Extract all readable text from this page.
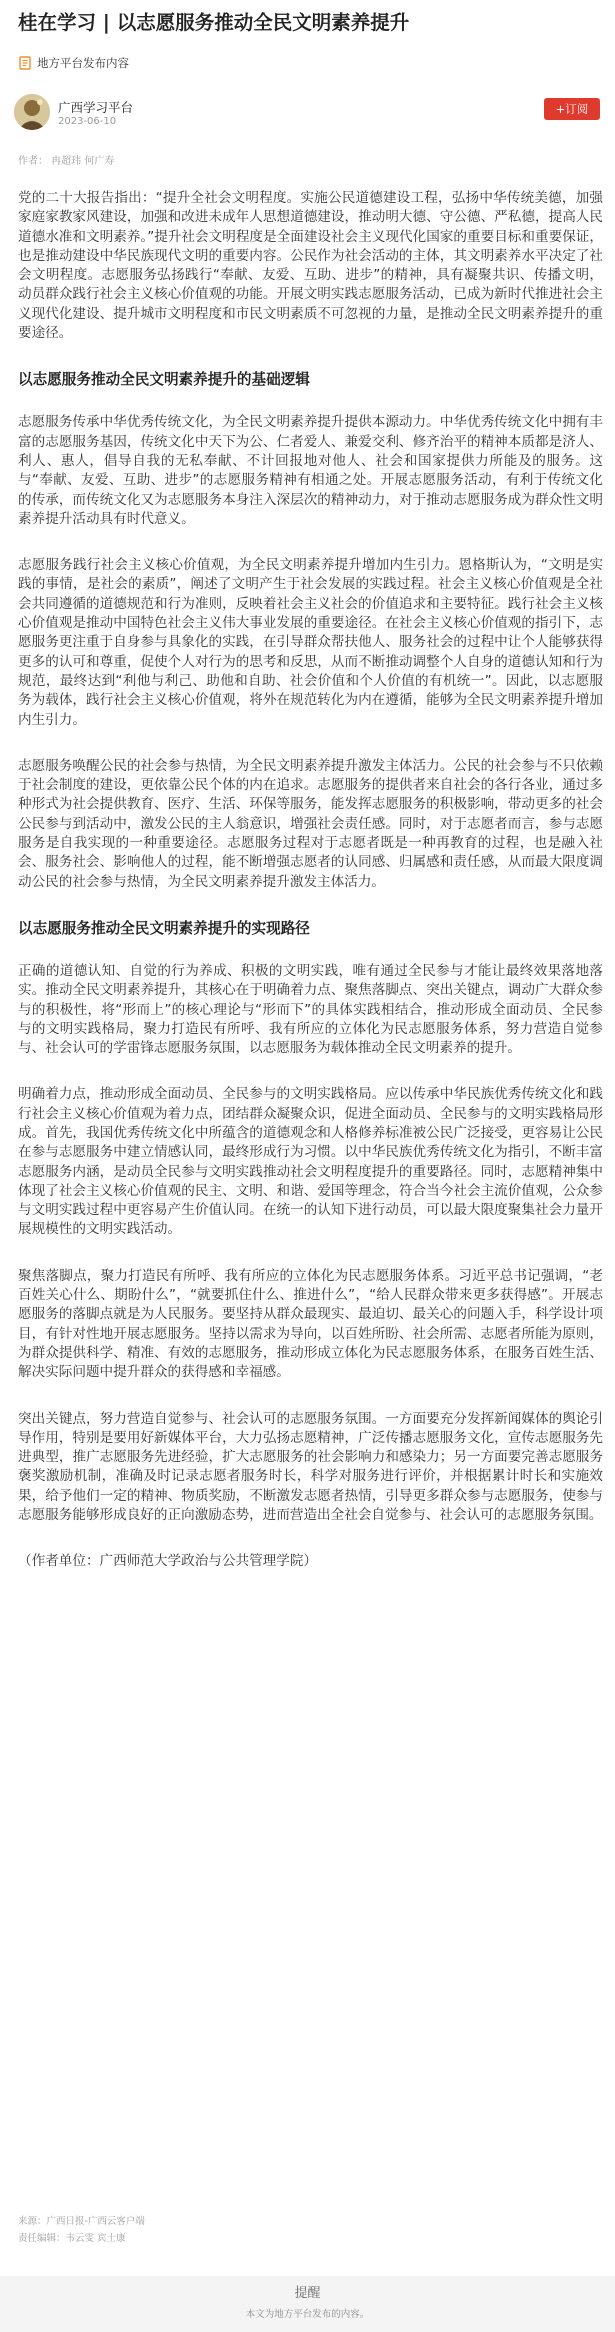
桂在学习 | 以志愿服务推动全民文明素养提升
地方平台发布内容
广西学习平台
2023-06-10
+订阅
作者： 冉超玮 何广寿

党的二十大报告指出：“提升全社会文明程度。实施公民道德建设工程，弘扬中华传统美德，加强家庭家教家风建设，加强和改进未成年人思想道德建设，推动明大德、守公德、严私德，提高人民道德水准和文明素养。”提升社会文明程度是全面建设社会主义现代化国家的重要目标和重要保证，也是推动建设中华民族现代文明的重要内容。公民作为社会活动的主体，其文明素养水平决定了社会文明程度。志愿服务弘扬践行“奉献、友爱、互助、进步”的精神，具有凝聚共识、传播文明，动员群众践行社会主义核心价值观的功能。开展文明实践志愿服务活动，已成为新时代推进社会主义现代化建设、提升城市文明程度和市民文明素质不可忽视的力量，是推动全民文明素养提升的重要途径。

以志愿服务推动全民文明素养提升的基础逻辑

志愿服务传承中华优秀传统文化，为全民文明素养提升提供本源动力。中华优秀传统文化中拥有丰富的志愿服务基因，传统文化中天下为公、仁者爱人、兼爱交利、修齐治平的精神本质都是济人、利人、惠人，倡导自我的无私奉献、不计回报地对他人、社会和国家提供力所能及的服务。这与“奉献、友爱、互助、进步”的志愿服务精神有相通之处。开展志愿服务活动，有利于传统文化的传承，而传统文化又为志愿服务本身注入深层次的精神动力，对于推动志愿服务成为群众性文明素养提升活动具有时代意义。

志愿服务践行社会主义核心价值观，为全民文明素养提升增加内生引力。恩格斯认为，“文明是实践的事情，是社会的素质”，阐述了文明产生于社会发展的实践过程。社会主义核心价值观是全社会共同遵循的道德规范和行为准则，反映着社会主义社会的价值追求和主要特征。践行社会主义核心价值观是推动中国特色社会主义伟大事业发展的重要途径。在社会主义核心价值观的指引下，志愿服务更注重于自身参与具象化的实践，在引导群众帮扶他人、服务社会的过程中让个人能够获得更多的认可和尊重，促使个人对行为的思考和反思，从而不断推动调整个人自身的道德认知和行为规范，最终达到“利他与利己、助他和自助、社会价值和个人价值的有机统一”。因此，以志愿服务为载体，践行社会主义核心价值观，将外在规范转化为内在遵循，能够为全民文明素养提升增加内生引力。

志愿服务唤醒公民的社会参与热情，为全民文明素养提升激发主体活力。公民的社会参与不只依赖于社会制度的建设，更依靠公民个体的内在追求。志愿服务的提供者来自社会的各行各业，通过多种形式为社会提供教育、医疗、生活、环保等服务，能发挥志愿服务的积极影响，带动更多的社会公民参与到活动中，激发公民的主人翁意识，增强社会责任感。同时，对于志愿者而言，参与志愿服务是自我实现的一种重要途径。志愿服务过程对于志愿者既是一种再教育的过程，也是融入社会、服务社会、影响他人的过程，能不断增强志愿者的认同感、归属感和责任感，从而最大限度调动公民的社会参与热情，为全民文明素养提升激发主体活力。

以志愿服务推动全民文明素养提升的实现路径

正确的道德认知、自觉的行为养成、积极的文明实践，唯有通过全民参与才能让最终效果落地落实。推动全民文明素养提升，其核心在于明确着力点、聚焦落脚点、突出关键点，调动广大群众参与的积极性，将“形而上”的核心理论与“形而下”的具体实践相结合，推动形成全面动员、全民参与的文明实践格局，聚力打造民有所呼、我有所应的立体化为民志愿服务体系，努力营造自觉参与、社会认可的学雷锋志愿服务氛围，以志愿服务为载体推动全民文明素养的提升。

明确着力点，推动形成全面动员、全民参与的文明实践格局。应以传承中华民族优秀传统文化和践行社会主义核心价值观为着力点，团结群众凝聚众识，促进全面动员、全民参与的文明实践格局形成。首先，我国优秀传统文化中所蕴含的道德观念和人格修养标准被公民广泛接受，更容易让公民在参与志愿服务中建立情感认同，最终形成行为习惯。以中华民族优秀传统文化为指引，不断丰富志愿服务内涵，是动员全民参与文明实践推动社会文明程度提升的重要路径。同时，志愿精神集中体现了社会主义核心价值观的民主、文明、和谐、爱国等理念，符合当今社会主流价值观，公众参与文明实践过程中更容易产生价值认同。在统一的认知下进行动员，可以最大限度聚集社会力量开展规模性的文明实践活动。

聚焦落脚点，聚力打造民有所呼、我有所应的立体化为民志愿服务体系。习近平总书记强调，“老百姓关心什么、期盼什么”，“就要抓住什么、推进什么”，“给人民群众带来更多获得感”。开展志愿服务的落脚点就是为人民服务。要坚持从群众最现实、最迫切、最关心的问题入手，科学设计项目，有针对性地开展志愿服务。坚持以需求为导向，以百姓所盼、社会所需、志愿者所能为原则，为群众提供科学、精准、有效的志愿服务，推动形成立体化为民志愿服务体系，在服务百姓生活、解决实际问题中提升群众的获得感和幸福感。

突出关键点，努力营造自觉参与、社会认可的志愿服务氛围。一方面要充分发挥新闻媒体的舆论引导作用，特别是要用好新媒体平台，大力弘扬志愿精神，广泛传播志愿服务文化，宣传志愿服务先进典型，推广志愿服务先进经验，扩大志愿服务的社会影响力和感染力；另一方面要完善志愿服务褒奖激励机制，准确及时记录志愿者服务时长，科学对服务进行评价，并根据累计时长和实施效果，给予他们一定的精神、物质奖励，不断激发志愿者热情，引导更多群众参与志愿服务，使参与志愿服务能够形成良好的正向激励态势，进而营造出全社会自觉参与、社会认可的志愿服务氛围。

（作者单位：广西师范大学政治与公共管理学院）

来源：广西日报-广西云客户端
责任编辑：韦云雯 宾士康
提醒
本文为地方平台发布的内容。
